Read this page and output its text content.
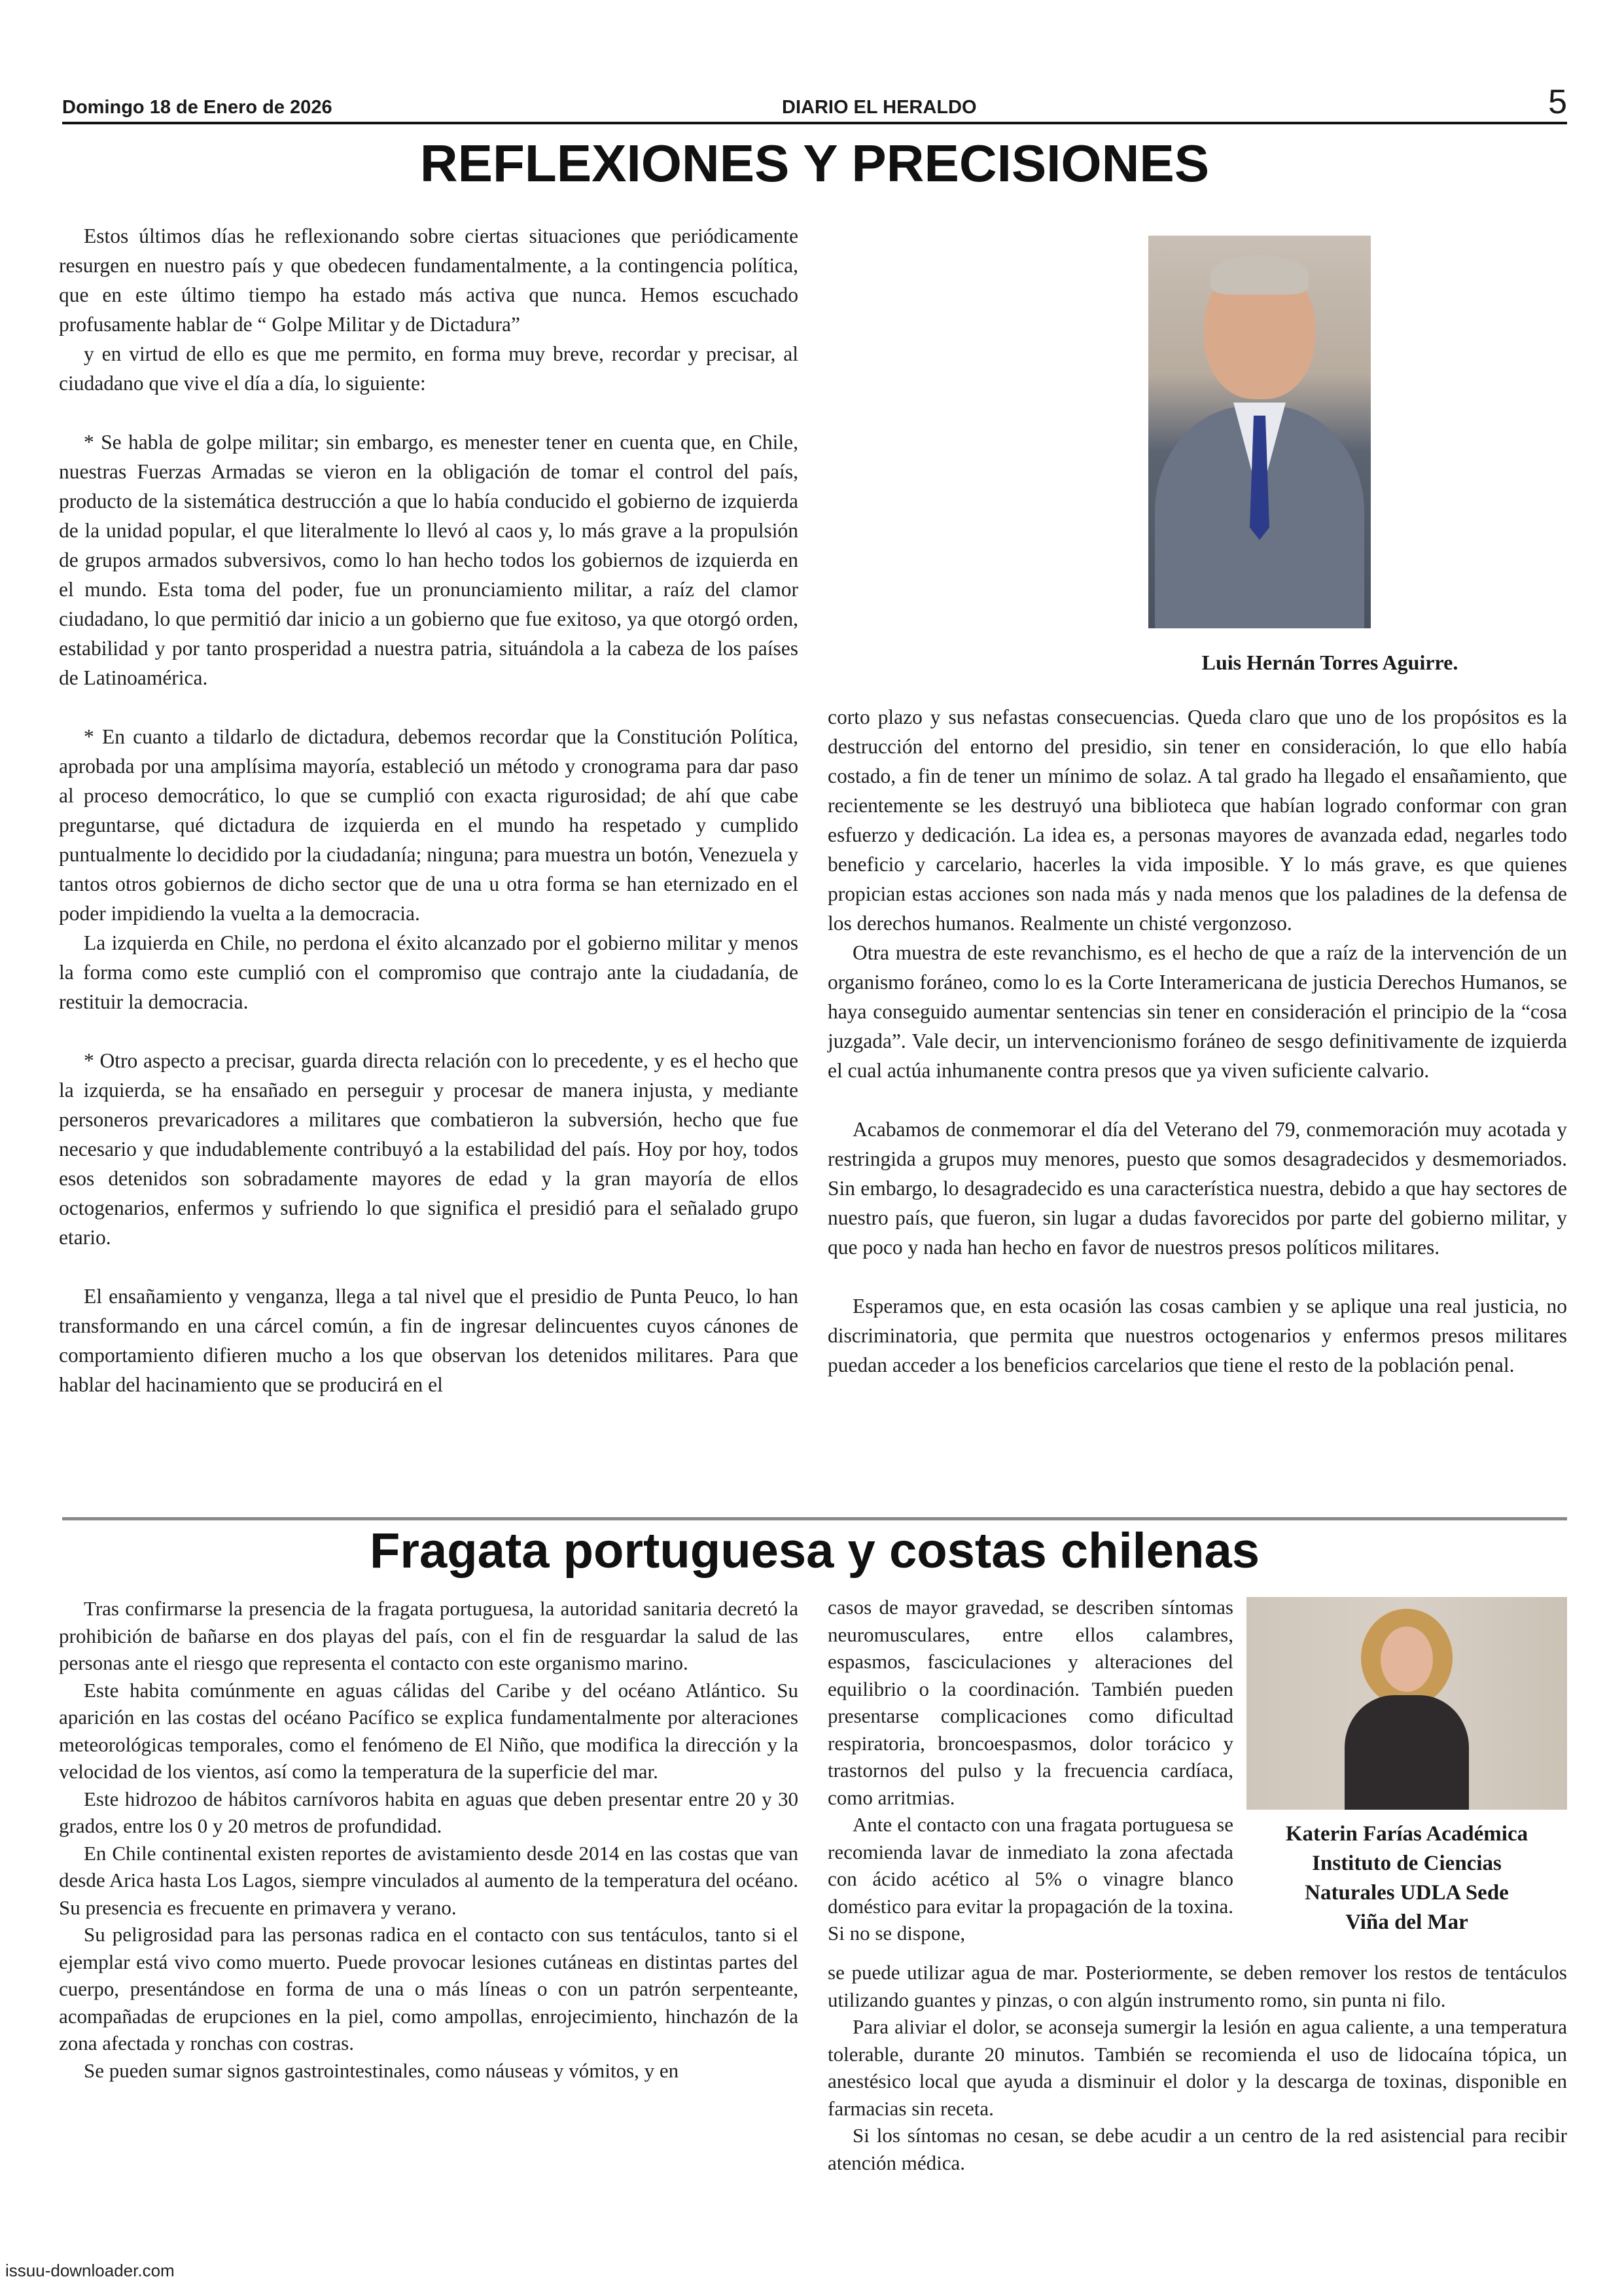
Domingo 18 de Enero de 2026	DIARIO EL HERALDO	5
REFLEXIONES Y PRECISIONES

Estos últimos días he reflexionando sobre ciertas situaciones que periódicamente resurgen en nuestro país y que obedecen fundamentalmente, a la contingencia política, que en este último tiempo ha estado más activa que nunca. Hemos escuchado profusamente hablar de “ Golpe Militar y de Dictadura”

y en virtud de ello es que me permito, en forma muy breve, recordar y precisar, al ciudadano que vive el día a día, lo siguiente:

* Se habla de golpe militar; sin embargo, es menester tener en cuenta que, en Chile, nuestras Fuerzas Armadas se vieron en la obligación de tomar el control del país, producto de la sistemática destrucción a que lo había conducido el gobierno de izquierda de la unidad popular, el que literalmente lo llevó al caos y, lo más grave a la propulsión de grupos armados subversivos, como lo han hecho todos los gobiernos de izquierda en el mundo. Esta toma del poder, fue un pronunciamiento militar, a raíz del clamor ciudadano, lo que permitió dar inicio a un gobierno que fue exitoso, ya que otorgó orden, estabilidad y por tanto prosperidad a nuestra patria, situándola a la cabeza de los países de Latinoamérica.

* En cuanto a tildarlo de dictadura, debemos recordar que la Constitución Política, aprobada por una amplísima mayoría, estableció un método y cronograma para dar paso al proceso democrático, lo que se cumplió con exacta rigurosidad; de ahí que cabe preguntarse, qué dictadura de izquierda en el mundo ha respetado y cumplido puntualmente lo decidido por la ciudadanía; ninguna; para muestra un botón, Venezuela y tantos otros gobiernos de dicho sector que de una u otra forma se han eternizado en el poder impidiendo la vuelta a la democracia.

La izquierda en Chile, no perdona el éxito alcanzado por el gobierno militar y menos la forma como este cumplió con el compromiso que contrajo ante la ciudadanía, de restituir la democracia.

* Otro aspecto a precisar, guarda directa relación con lo precedente, y es el hecho que la izquierda, se ha ensañado en perseguir y procesar de manera injusta, y mediante personeros prevaricadores a militares que combatieron la subversión, hecho que fue necesario y que indudablemente contribuyó a la estabilidad del país. Hoy por hoy, todos esos detenidos son sobradamente mayores de edad y la gran mayoría de ellos octogenarios, enfermos y sufriendo lo que significa el presidió para el señalado grupo etario.

El ensañamiento y venganza, llega a tal nivel que el presidio de Punta Peuco, lo han transformando en una cárcel común, a fin de ingresar delincuentes cuyos cánones de comportamiento difieren mucho a los que observan los detenidos militares. Para que hablar del hacinamiento que se producirá en el

Luis Hernán Torres Aguirre.

corto plazo y sus nefastas consecuencias. Queda claro que uno de los propósitos es la destrucción del entorno del presidio, sin tener en consideración, lo que ello había costado, a fin de tener un mínimo de solaz. A tal grado ha llegado el ensañamiento, que recientemente se les destruyó una biblioteca que habían logrado conformar con gran esfuerzo y dedicación. La idea es, a personas mayores de avanzada edad, negarles todo beneficio y carcelario, hacerles la vida imposible. Y lo más grave, es que quienes propician estas acciones son nada más y nada menos que los paladines de la defensa de los derechos humanos. Realmente un chisté vergonzoso.

Otra muestra de este revanchismo, es el hecho de que a raíz de la intervención de un organismo foráneo, como lo es la Corte Interamericana de justicia Derechos Humanos, se haya conseguido aumentar sentencias sin tener en consideración el principio de la “cosa juzgada”. Vale decir, un intervencionismo foráneo de sesgo definitivamente de izquierda el cual actúa inhumanente contra presos que ya viven suficiente calvario.

Acabamos de conmemorar el día del Veterano del 79, conmemoración muy acotada y restringida a grupos muy menores, puesto que somos desagradecidos y desmemoriados. Sin embargo, lo desagradecido es una característica nuestra, debido a que hay sectores de nuestro país, que fueron, sin lugar a dudas favorecidos por parte del gobierno militar, y que poco y nada han hecho en favor de nuestros presos políticos militares.

Esperamos que, en esta ocasión las cosas cambien y se aplique una real justicia, no discriminatoria, que permita que nuestros octogenarios y enfermos presos militares puedan acceder a los beneficios carcelarios que tiene el resto de la población penal.

Fragata portuguesa y costas chilenas

Tras confirmarse la presencia de la fragata portuguesa, la autoridad sanitaria decretó la prohibición de bañarse en dos playas del país, con el fin de resguardar la salud de las personas ante el riesgo que representa el contacto con este organismo marino.

Este habita comúnmente en aguas cálidas del Caribe y del océano Atlántico. Su aparición en las costas del océano Pacífico se explica fundamentalmente por alteraciones meteorológicas temporales, como el fenómeno de El Niño, que modifica la dirección y la velocidad de los vientos, así como la temperatura de la superficie del mar.

Este hidrozoo de hábitos carnívoros habita en aguas que deben presentar entre 20 y 30 grados, entre los 0 y 20 metros de profundidad.

En Chile continental existen reportes de avistamiento desde 2014 en las costas que van desde Arica hasta Los Lagos, siempre vinculados al aumento de la temperatura del océano. Su presencia es frecuente en primavera y verano.

Su peligrosidad para las personas radica en el contacto con sus tentáculos, tanto si el ejemplar está vivo como muerto. Puede provocar lesiones cutáneas en distintas partes del cuerpo, presentándose en forma de una o más líneas o con un patrón serpenteante, acompañadas de erupciones en la piel, como ampollas, enrojecimiento, hinchazón de la zona afectada y ronchas con costras.

Se pueden sumar signos gastrointestinales, como náuseas y vómitos, y en

casos de mayor gravedad, se describen síntomas neuromusculares, entre ellos calambres, espasmos, fasciculaciones y alteraciones del equilibrio o la coordinación. También pueden presentarse complicaciones como dificultad respiratoria, broncoespasmos, dolor torácico y trastornos del pulso y la frecuencia cardíaca, como arritmias.

Ante el contacto con una fragata portuguesa se recomienda lavar de inmediato la zona afectada con ácido acético al 5% o vinagre blanco doméstico para evitar la propagación de la toxina. Si no se dispone,

Katerin Farías Académica
Instituto de Ciencias
Naturales UDLA Sede
Viña del Mar

se puede utilizar agua de mar. Posteriormente, se deben remover los restos de tentáculos utilizando guantes y pinzas, o con algún instrumento romo, sin punta ni filo.

Para aliviar el dolor, se aconseja sumergir la lesión en agua caliente, a una temperatura tolerable, durante 20 minutos. También se recomienda el uso de lidocaína tópica, un anestésico local que ayuda a disminuir el dolor y la descarga de toxinas, disponible en farmacias sin receta.

Si los síntomas no cesan, se debe acudir a un centro de la red asistencial para recibir atención médica.

issuu-downloader.com
